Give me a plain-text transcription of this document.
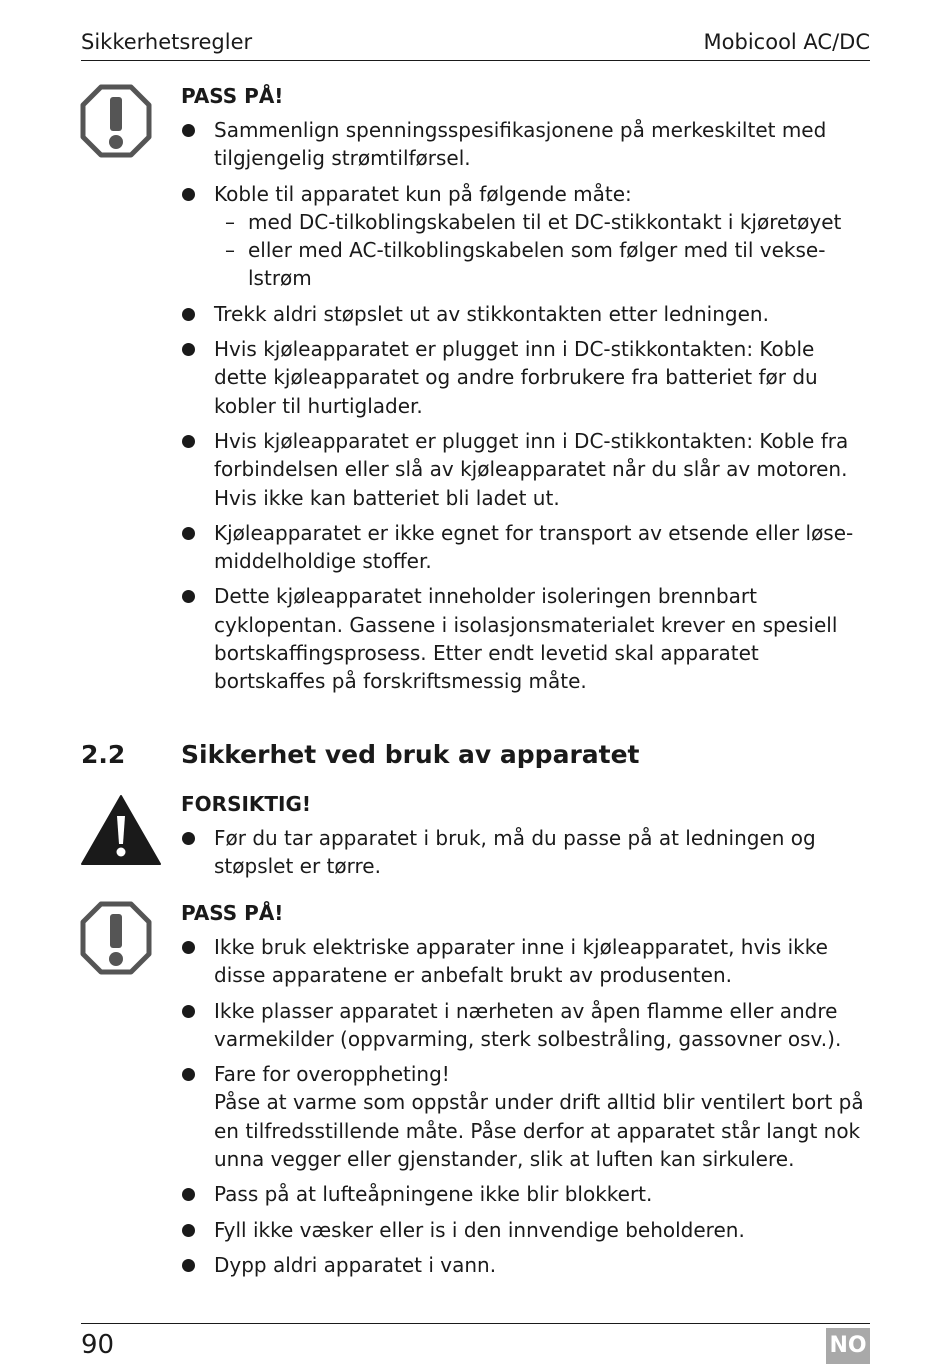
Sikkerhetsregler	Mobicool AC/DC
PASS PÅ!
Sammenlign spenningsspesifikasjonene på merkeskiltet med tilgjengelig strømtilførsel.
Koble til apparatet kun på følgende måte:
– med DC-tilkoblingskabelen til et DC-stikkontakt i kjøretøyet
– eller med AC-tilkoblingskabelen som følger med til vekse-lstrøm
Trekk aldri støpslet ut av stikkontakten etter ledningen.
Hvis kjøleapparatet er plugget inn i DC-stikkontakten: Koble dette kjøleapparatet og andre forbrukere fra batteriet før du kobler til hurtiglader.
Hvis kjøleapparatet er plugget inn i DC-stikkontakten: Koble fra forbindelsen eller slå av kjøleapparatet når du slår av motoren. Hvis ikke kan batteriet bli ladet ut.
Kjøleapparatet er ikke egnet for transport av etsende eller løse-middelholdige stoffer.
Dette kjøleapparatet inneholder isoleringen brennbart cyklopentan. Gassene i isolasjonsmaterialet krever en spesiell bortskaffingsprosess. Etter endt levetid skal apparatet bortskaffes på forskriftsmessig måte.
2.2 Sikkerhet ved bruk av apparatet
FORSIKTIG!
Før du tar apparatet i bruk, må du passe på at ledningen og støpslet er tørre.
PASS PÅ!
Ikke bruk elektriske apparater inne i kjøleapparatet, hvis ikke disse apparatene er anbefalt brukt av produsenten.
Ikke plasser apparatet i nærheten av åpen flamme eller andre varmekilder (oppvarming, sterk solbestråling, gassovner osv.).
Fare for overoppheting!
Påse at varme som oppstår under drift alltid blir ventilert bort på en tilfredsstillende måte. Påse derfor at apparatet står langt nok unna vegger eller gjenstander, slik at luften kan sirkulere.
Pass på at lufteåpningene ikke blir blokkert.
Fyll ikke væsker eller is i den innvendige beholderen.
Dypp aldri apparatet i vann.
90	NO
